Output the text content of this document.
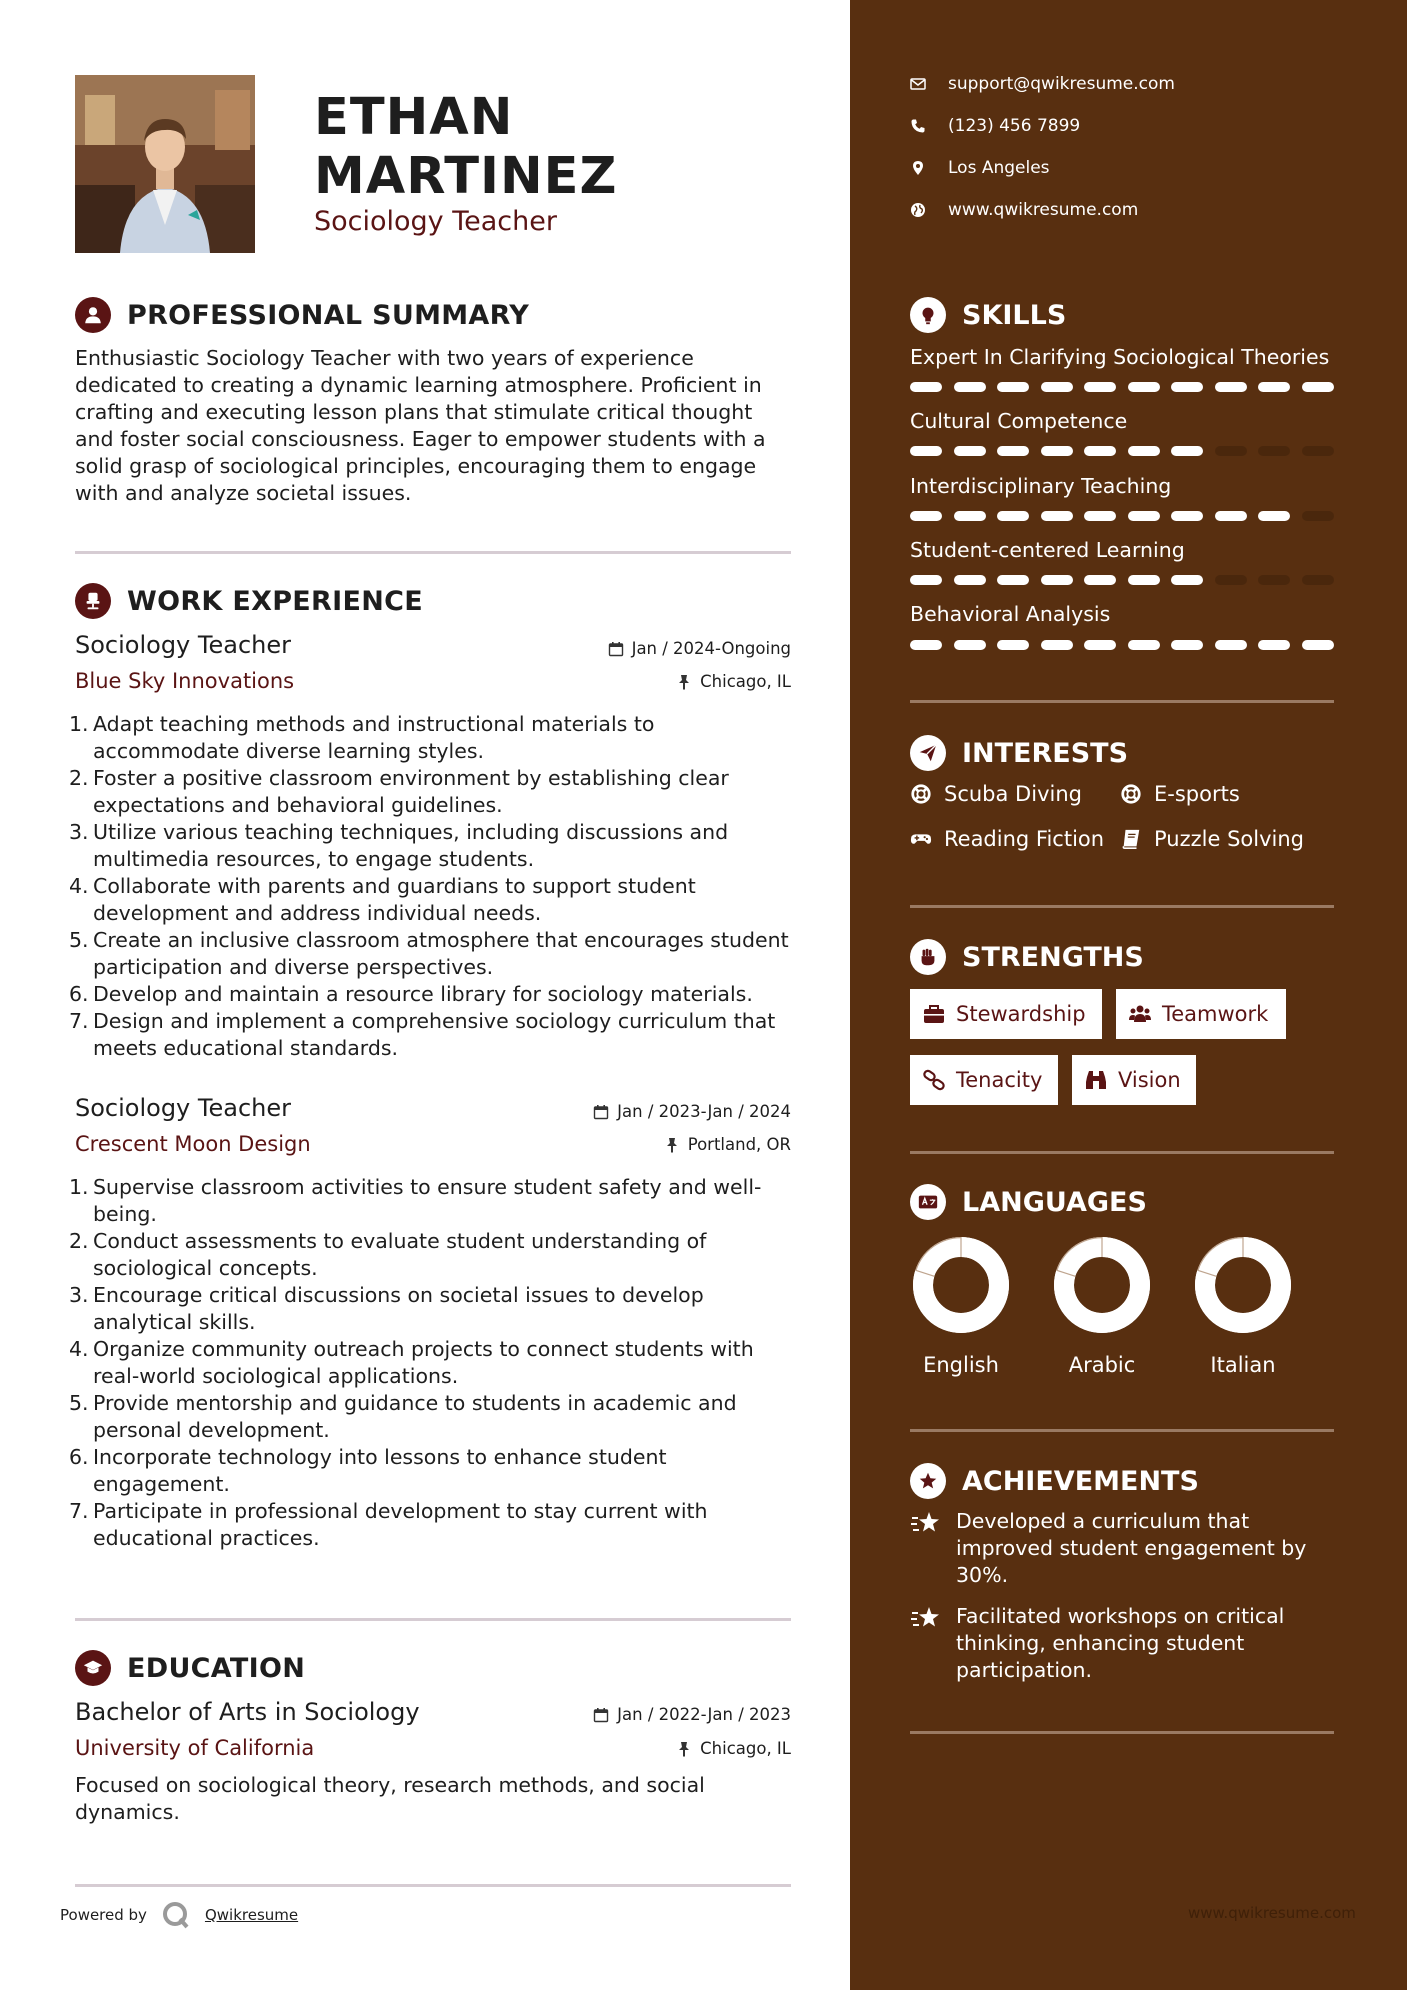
ETHAN
MARTINEZ
Sociology Teacher
PROFESSIONAL SUMMARY
Enthusiastic Sociology Teacher with two years of experience dedicated to creating a dynamic learning atmosphere. Proficient in crafting and executing lesson plans that stimulate critical thought and foster social consciousness. Eager to empower students with a solid grasp of sociological principles, encouraging them to engage with and analyze societal issues.
WORK EXPERIENCE
Sociology Teacher	Jan / 2024-Ongoing
Blue Sky Innovations	Chicago, IL
1. Adapt teaching methods and instructional materials to accommodate diverse learning styles.
2. Foster a positive classroom environment by establishing clear expectations and behavioral guidelines.
3. Utilize various teaching techniques, including discussions and multimedia resources, to engage students.
4. Collaborate with parents and guardians to support student development and address individual needs.
5. Create an inclusive classroom atmosphere that encourages student participation and diverse perspectives.
6. Develop and maintain a resource library for sociology materials.
7. Design and implement a comprehensive sociology curriculum that meets educational standards.
Sociology Teacher	Jan / 2023-Jan / 2024
Crescent Moon Design	Portland, OR
1. Supervise classroom activities to ensure student safety and well-being.
2. Conduct assessments to evaluate student understanding of sociological concepts.
3. Encourage critical discussions on societal issues to develop analytical skills.
4. Organize community outreach projects to connect students with real-world sociological applications.
5. Provide mentorship and guidance to students in academic and personal development.
6. Incorporate technology into lessons to enhance student engagement.
7. Participate in professional development to stay current with educational practices.
EDUCATION
Bachelor of Arts in Sociology	Jan / 2022-Jan / 2023
University of California	Chicago, IL
Focused on sociological theory, research methods, and social dynamics.
Powered by	Qwikresume
support@qwikresume.com
(123) 456 7899
Los Angeles
www.qwikresume.com
SKILLS
Expert In Clarifying Sociological Theories
Cultural Competence
Interdisciplinary Teaching
Student-centered Learning
Behavioral Analysis
INTERESTS
Scuba Diving	E-sports
Reading Fiction Puzzle Solving
STRENGTHS
Stewardship	Teamwork
Tenacity	Vision
LANGUAGES
English	Arabic	Italian
ACHIEVEMENTS
Developed a curriculum that improved student engagement by 30%.
Facilitated workshops on critical thinking, enhancing student participation.
www.qwikresume.com
